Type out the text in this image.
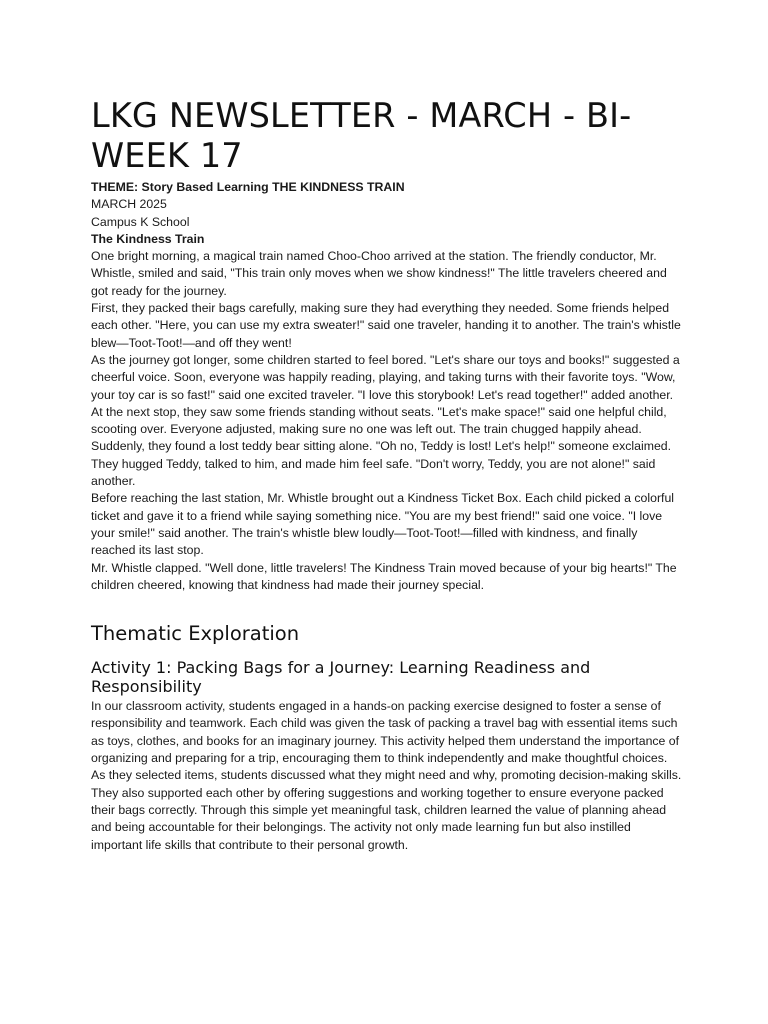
LKG NEWSLETTER - MARCH - BI-WEEK 17

THEME: Story Based Learning THE KINDNESS TRAIN

MARCH 2025

Campus K School

The Kindness Train

One bright morning, a magical train named Choo-Choo arrived at the station. The friendly conductor, Mr. Whistle, smiled and said, "This train only moves when we show kindness!" The little travelers cheered and got ready for the journey.

First, they packed their bags carefully, making sure they had everything they needed. Some friends helped each other. "Here, you can use my extra sweater!" said one traveler, handing it to another. The train's whistle blew—Toot-Toot!—and off they went!

As the journey got longer, some children started to feel bored. "Let's share our toys and books!" suggested a cheerful voice. Soon, everyone was happily reading, playing, and taking turns with their favorite toys. "Wow, your toy car is so fast!" said one excited traveler. "I love this storybook! Let's read together!" added another.

At the next stop, they saw some friends standing without seats. "Let's make space!" said one helpful child, scooting over. Everyone adjusted, making sure no one was left out. The train chugged happily ahead.

Suddenly, they found a lost teddy bear sitting alone. "Oh no, Teddy is lost! Let's help!" someone exclaimed. They hugged Teddy, talked to him, and made him feel safe. "Don't worry, Teddy, you are not alone!" said another.

Before reaching the last station, Mr. Whistle brought out a Kindness Ticket Box. Each child picked a colorful ticket and gave it to a friend while saying something nice. "You are my best friend!" said one voice. "I love your smile!" said another. The train's whistle blew loudly—Toot-Toot!—filled with kindness, and finally reached its last stop.

Mr. Whistle clapped. "Well done, little travelers! The Kindness Train moved because of your big hearts!" The children cheered, knowing that kindness had made their journey special.

Thematic Exploration
Activity 1: Packing Bags for a Journey: Learning Readiness and Responsibility

In our classroom activity, students engaged in a hands-on packing exercise designed to foster a sense of responsibility and teamwork. Each child was given the task of packing a travel bag with essential items such as toys, clothes, and books for an imaginary journey. This activity helped them understand the importance of organizing and preparing for a trip, encouraging them to think independently and make thoughtful choices.

As they selected items, students discussed what they might need and why, promoting decision-making skills. They also supported each other by offering suggestions and working together to ensure everyone packed their bags correctly. Through this simple yet meaningful task, children learned the value of planning ahead and being accountable for their belongings. The activity not only made learning fun but also instilled important life skills that contribute to their personal growth.
